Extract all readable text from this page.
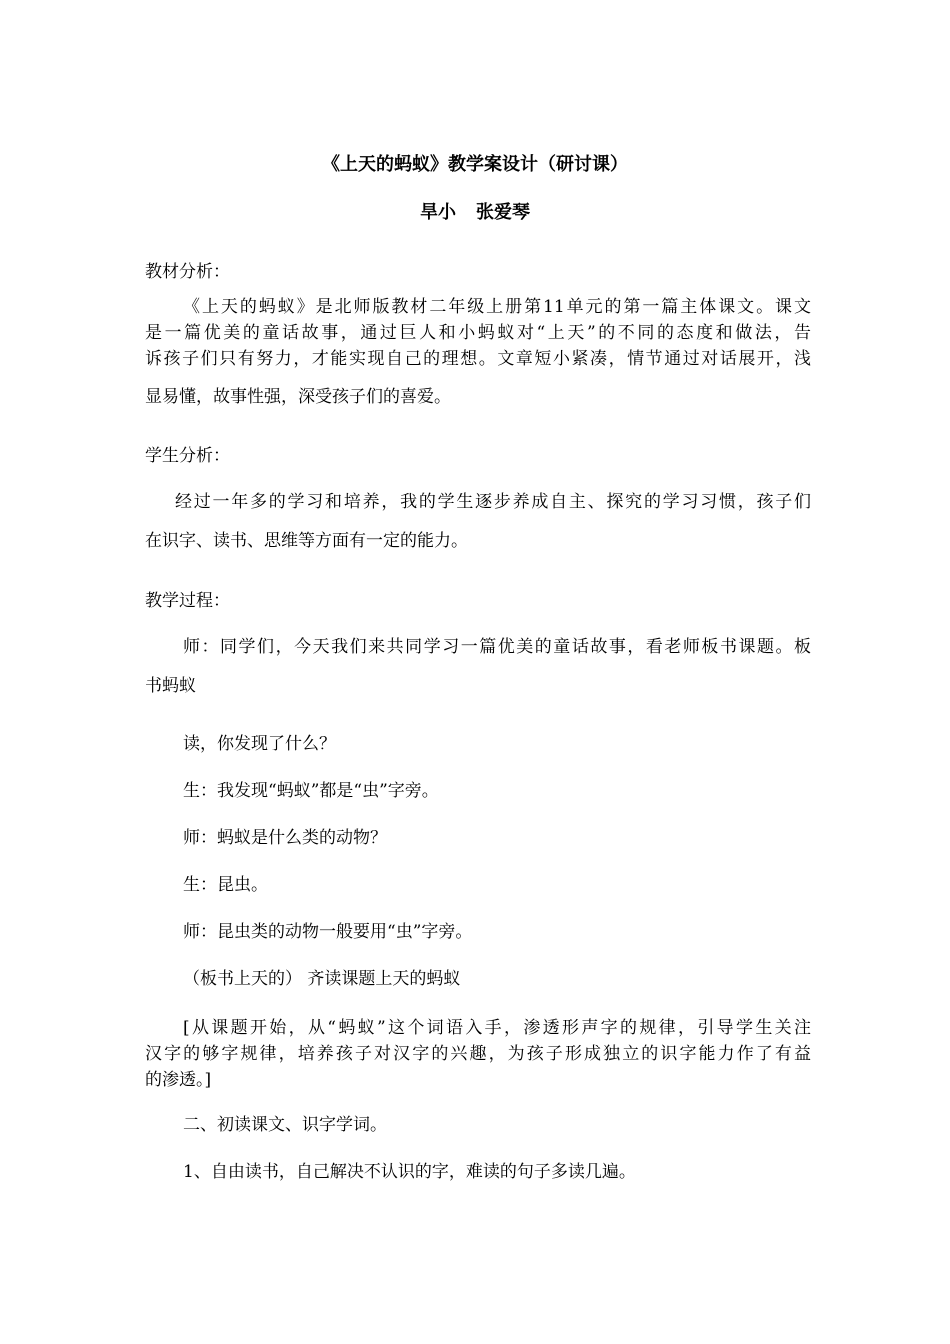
《上天的蚂蚁》教学案设计（研讨课）
旱小 张爱琴
教材分析：
《上天的蚂蚁》是北师版教材二年级上册第11单元的第一篇主体课文。课文
是一篇优美的童话故事，通过巨人和小蚂蚁对“上天”的不同的态度和做法，告
诉孩子们只有努力，才能实现自己的理想。文章短小紧凑，情节通过对话展开，浅
显易懂，故事性强，深受孩子们的喜爱。
学生分析：
经过一年多的学习和培养，我的学生逐步养成自主、探究的学习习惯，孩子们
在识字、读书、思维等方面有一定的能力。
教学过程：
师：同学们，今天我们来共同学习一篇优美的童话故事，看老师板书课题。板
书蚂蚁
读，你发现了什么？
生：我发现“蚂蚁”都是“虫”字旁。
师：蚂蚁是什么类的动物？
生：昆虫。
师：昆虫类的动物一般要用“虫”字旁。
（板书上天的） 齐读课题上天的蚂蚁
[从课题开始，从“蚂蚁”这个词语入手，渗透形声字的规律，引导学生关注
汉字的够字规律，培养孩子对汉字的兴趣，为孩子形成独立的识字能力作了有益
的渗透。]
二、初读课文、识字学词。
1、自由读书，自己解决不认识的字，难读的句子多读几遍。
